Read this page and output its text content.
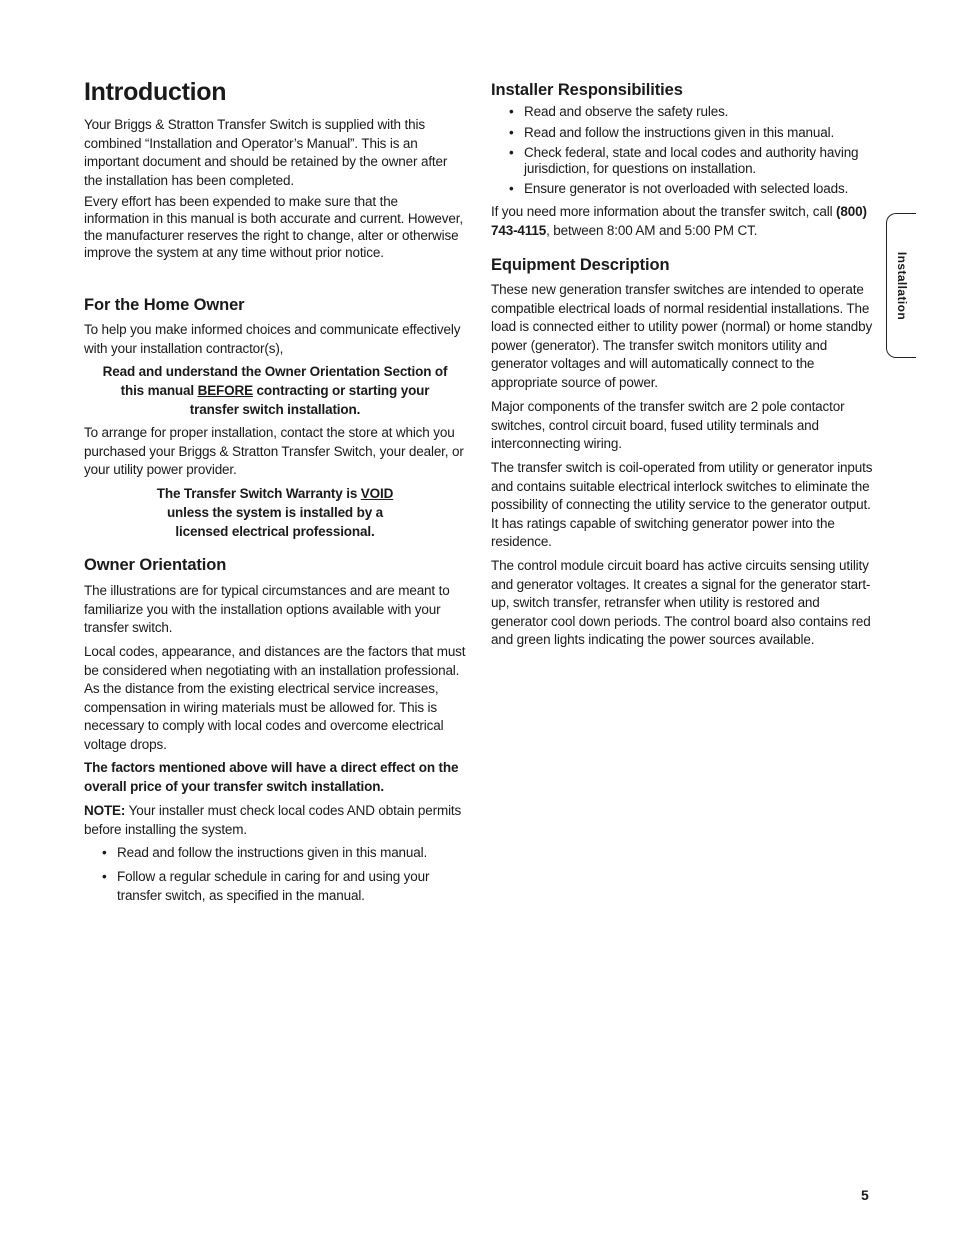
Introduction

Your Briggs & Stratton Transfer Switch is supplied with this combined “Installation and Operator’s Manual”. This is an important document and should be retained by the owner after the installation has been completed.

Every effort has been expended to make sure that the information in this manual is both accurate and current. However, the manufacturer reserves the right to change, alter or otherwise improve the system at any time without prior notice.

For the Home Owner

To help you make informed choices and communicate effectively with your installation contractor(s),

Read and understand the Owner Orientation Section of this manual BEFORE contracting or starting your transfer switch installation.

To arrange for proper installation, contact the store at which you purchased your Briggs & Stratton Transfer Switch, your dealer, or your utility power provider.

The Transfer Switch Warranty is VOID unless the system is installed by a licensed electrical professional.

Owner Orientation

The illustrations are for typical circumstances and are meant to familiarize you with the installation options available with your transfer switch.

Local codes, appearance, and distances are the factors that must be considered when negotiating with an installation professional. As the distance from the existing electrical service increases, compensation in wiring materials must be allowed for. This is necessary to comply with local codes and overcome electrical voltage drops.

The factors mentioned above will have a direct effect on the overall price of your transfer switch installation.

NOTE: Your installer must check local codes AND obtain permits before installing the system.

• Read and follow the instructions given in this manual.

• Follow a regular schedule in caring for and using your transfer switch, as specified in the manual.

Installer Responsibilities

• Read and observe the safety rules.

• Read and follow the instructions given in this manual.

• Check federal, state and local codes and authority having jurisdiction, for questions on installation.

• Ensure generator is not overloaded with selected loads.

If you need more information about the transfer switch, call (800) 743-4115, between 8:00 AM and 5:00 PM CT.

Equipment Description

These new generation transfer switches are intended to operate compatible electrical loads of normal residential installations. The load is connected either to utility power (normal) or home standby power (generator). The transfer switch monitors utility and generator voltages and will automatically connect to the appropriate source of power.

Major components of the transfer switch are 2 pole contactor switches, control circuit board, fused utility terminals and interconnecting wiring.

The transfer switch is coil-operated from utility or generator inputs and contains suitable electrical interlock switches to eliminate the possibility of connecting the utility service to the generator output. It has ratings capable of switching generator power into the residence.

The control module circuit board has active circuits sensing utility and generator voltages. It creates a signal for the generator start-up, switch transfer, retransfer when utility is restored and generator cool down periods. The control board also contains red and green lights indicating the power sources available.

Installation
5
